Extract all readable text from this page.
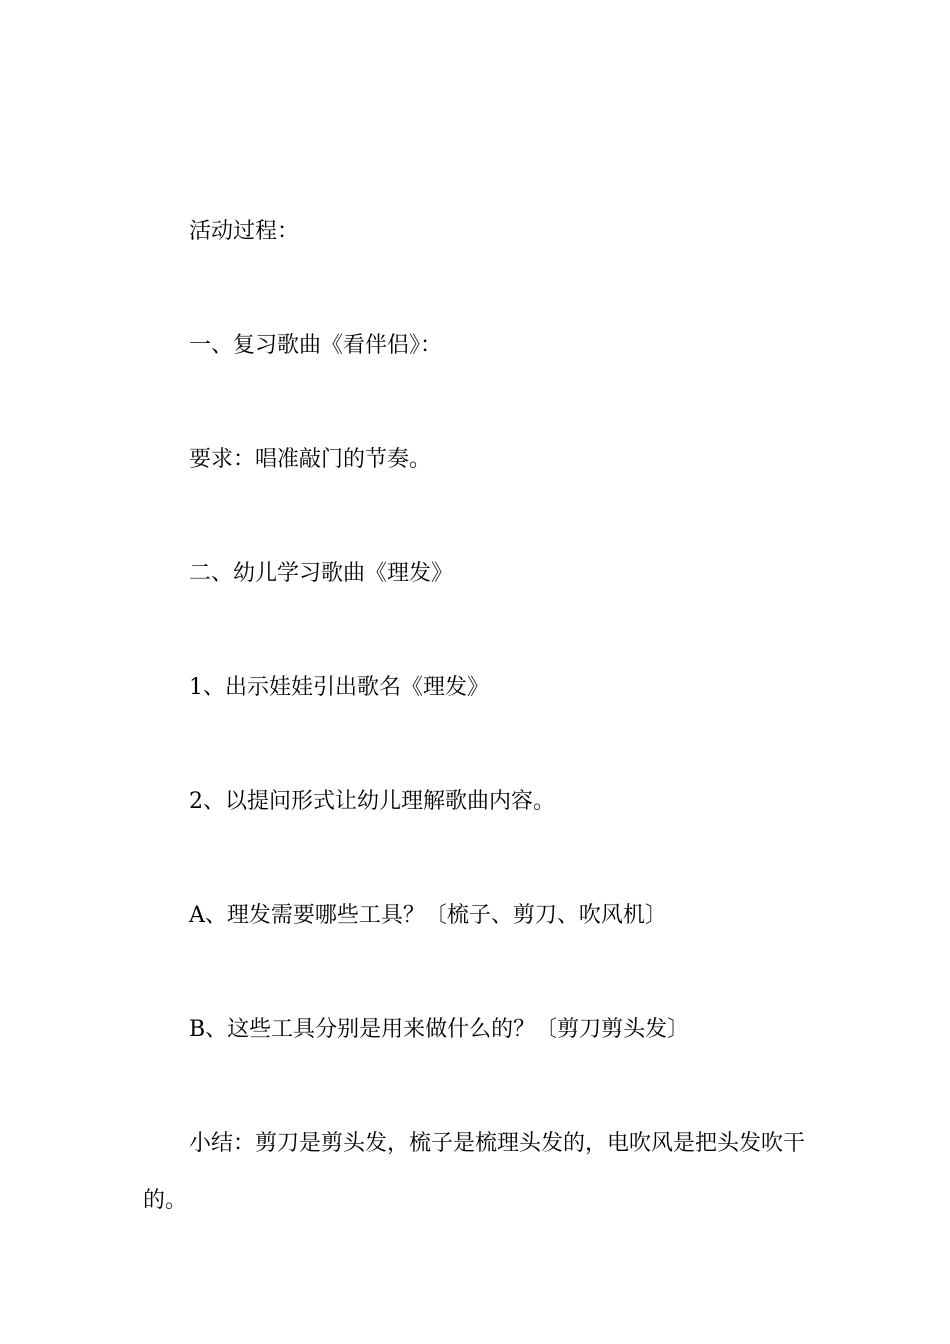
活动过程：

一、复习歌曲《看伴侣》：

要求：唱准敲门的节奏。

二、幼儿学习歌曲《理发》

1、出示娃娃引出歌名《理发》

2、以提问形式让幼儿理解歌曲内容。

A、理发需要哪些工具？〔梳子、剪刀、吹风机〕

B、这些工具分别是用来做什么的？〔剪刀剪头发〕

小结：剪刀是剪头发，梳子是梳理头发的，电吹风是把头发吹干的。
